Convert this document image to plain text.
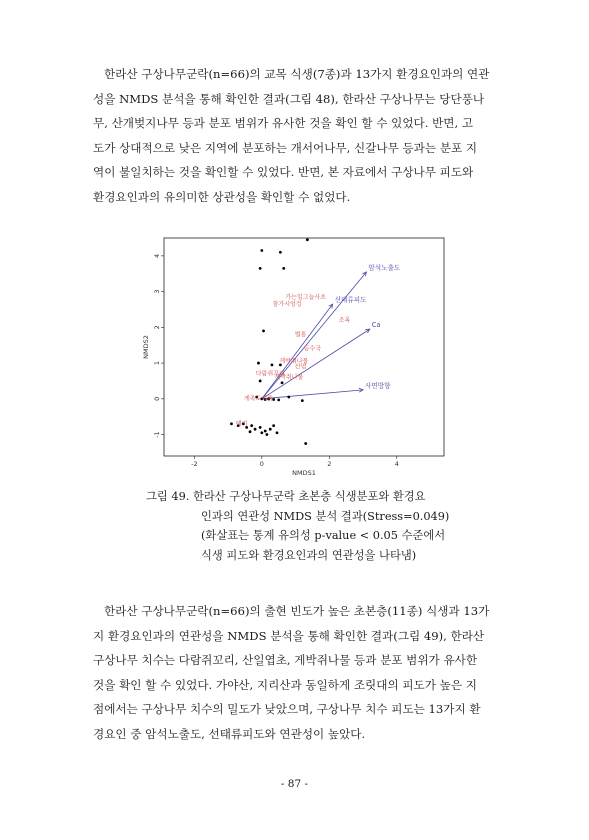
한라산 구상나무군락(n=66)의 교목 식생(7종)과 13가지 환경요인과의 연관
성을 NMDS 분석을 통해 확인한 결과(그림 48), 한라산 구상나무는 당단풍나
무, 산개벚지나무 등과 분포 범위가 유사한 것을 확인 할 수 있었다. 반면, 고
도가 상대적으로 낮은 지역에 분포하는 개서어나무, 신갈나무 등과는 분포 지
역이 불일치하는 것을 확인할 수 있었다. 반면, 본 자료에서 구상나무 피도와
환경요인과의 유의미한 상관성을 확인할 수 없었다.
-2	0	2	4
-1
0
1
2
3
4
NMDS1
NMDS2
암석노출도
선태류피도
Ca
사면방향
가는잎그늘사초
참가시엉겅
조록
벌통
등수국
게박쥐나물
산염
다람쥐꼬리
계박쥐나물
게족도리풀
애기
그림 49. 한라산 구상나무군락 초본층 식생분포와 환경요
인과의 연관성 NMDS 분석 결과(Stress=0.049)
(화살표는 통계 유의성 p-value < 0.05 수준에서
식생 피도와 환경요인과의 연관성을 나타냄)
한라산 구상나무군락(n=66)의 출현 빈도가 높은 초본층(11종) 식생과 13가
지 환경요인과의 연관성을 NMDS 분석을 통해 확인한 결과(그림 49), 한라산
구상나무 치수는 다람쥐꼬리, 산일엽초, 게박쥐나물 등과 분포 범위가 유사한
것을 확인 할 수 있었다. 가야산, 지리산과 동일하게 조릿대의 피도가 높은 지
점에서는 구상나무 치수의 밀도가 낮았으며, 구상나무 치수 피도는 13가지 환
경요인 중 암석노출도, 선태류피도와 연관성이 높았다.
- 87 -
